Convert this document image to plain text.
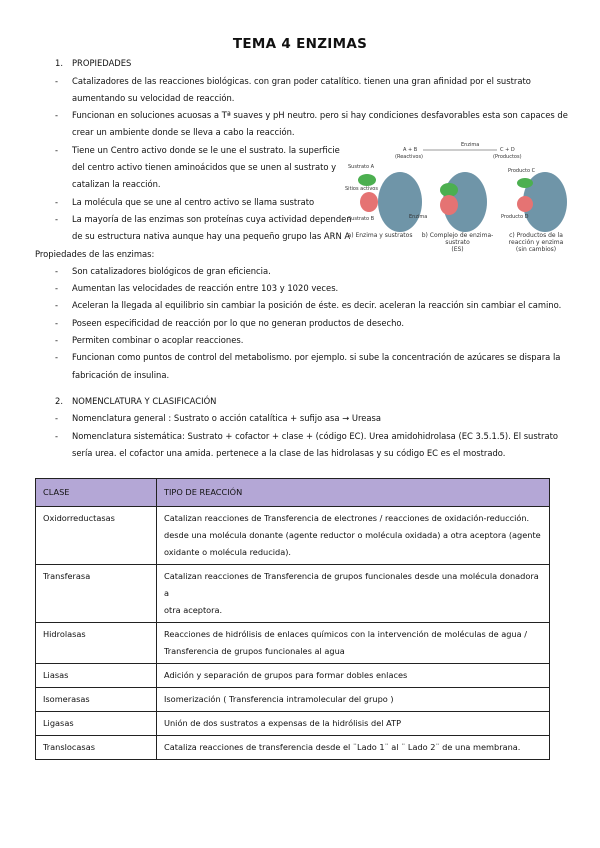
TEMA 4 ENZIMAS
1. PROPIEDADES
- Catalizadores de las reacciones biológicas. con gran poder catalítico. tienen una gran afinidad por el sustrato
aumentando su velocidad de reacción.
- Funcionan en soluciones acuosas a Tª suaves y pH neutro. pero si hay condiciones desfavorables esta son capaces de
crear un ambiente donde se lleva a cabo la reacción.
- Tiene un Centro activo donde se le une el sustrato. la superficie
del centro activo tienen aminoácidos que se unen al sustrato y
catalizan la reacción.
- La molécula que se une al centro activo se llama sustrato
- La mayoría de las enzimas son proteínas cuya actividad dependen
de su estructura nativa aunque hay una pequeño grupo las ARN A
Propiedades de las enzimas:
- Son catalizadores biológicos de gran eficiencia.
- Aumentan las velocidades de reacción entre 103 y 1020 veces.
- Aceleran la llegada al equilibrio sin cambiar la posición de éste. es decir. aceleran la reacción sin cambiar el camino.
- Poseen especificidad de reacción por lo que no generan productos de desecho.
- Permiten combinar o acoplar reacciones.
- Funcionan como puntos de control del metabolismo. por ejemplo. si sube la concentración de azúcares se dispara la
fabricación de insulina.
2. NOMENCLATURA Y CLASIFICACIÓN
- Nomenclatura general : Sustrato o acción catalítica + sufijo asa → Ureasa
- Nomenclatura sistemática: Sustrato + cofactor + clase + (código EC). Urea amidohidrolasa (EC 3.5.1.5). El sustrato
sería urea. el cofactor una amida. pertenece a la clase de las hidrolasas y su código EC es el mostrado.
A + B
(Reactivos)
Enzima
C + D
(Productos)
Sustrato A
Sitios activos
Sustrato B	Enzima
Producto C
Producto D
a) Enzima y sustratos	b) Complejo de enzima-sustrato
(ES)
c) Productos de la reacción y enzima
(sin cambios)
CLASE	TIPO DE REACCIÓN
Oxidorreductasas	Catalizan reacciones de Transferencia de electrones / reacciones de oxidación-reducción.
desde una molécula donante (agente reductor o molécula oxidada) a otra aceptora (agente
oxidante o molécula reducida).

Transferasa	Catalizan reacciones de Transferencia de grupos funcionales desde una molécula donadora a
otra aceptora.

Hidrolasas	Reacciones de hidrólisis de enlaces químicos con la intervención de moléculas de agua /
Transferencia de grupos funcionales al agua

Liasas	Adición y separación de grupos para formar dobles enlaces

Isomerasas	Isomerización ( Transferencia intramolecular del grupo )

Ligasas	Unión de dos sustratos a expensas de la hidrólisis del ATP

Translocasas	Cataliza reacciones de transferencia desde el ¨Lado 1¨ al ¨ Lado 2¨ de una membrana.
